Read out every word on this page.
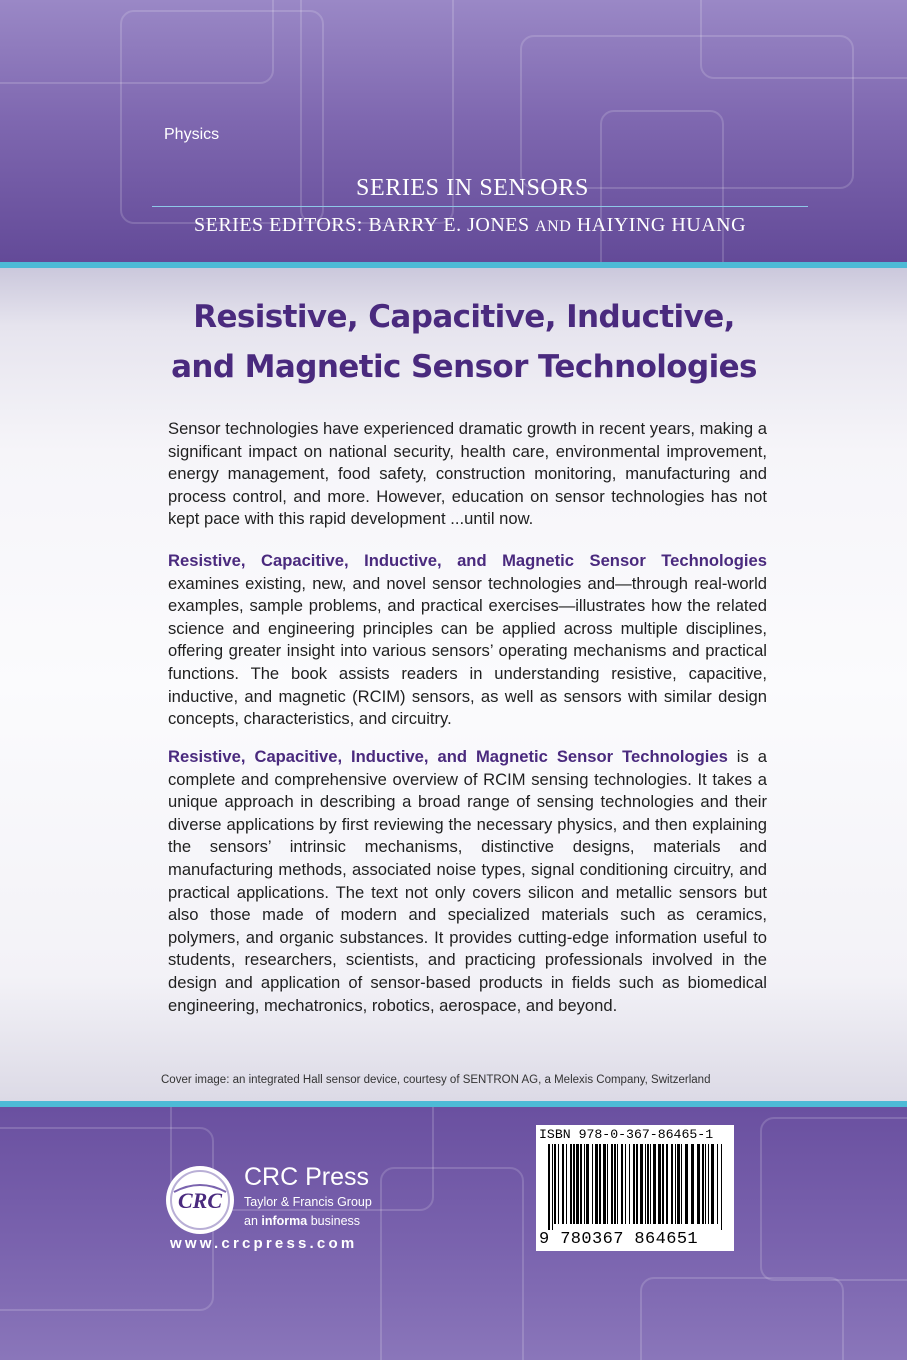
Physics
SERIES IN SENSORS
SERIES EDITORS: BARRY E. JONES AND HAIYING HUANG
Resistive, Capacitive, Inductive,
and Magnetic Sensor Technologies

Sensor technologies have experienced dramatic growth in recent years, making a significant impact on national security, health care, environmental improvement, energy management, food safety, construction monitoring, manufacturing and process control, and more. However, education on sensor technologies has not kept pace with this rapid development ...until now.

Resistive, Capacitive, Inductive, and Magnetic Sensor Technologies examines existing, new, and novel sensor technologies and—through real-world examples, sample problems, and practical exercises—illustrates how the related science and engineering principles can be applied across multiple disciplines, offering greater insight into various sensors’ operating mechanisms and practical functions. The book assists readers in understanding resistive, capacitive, inductive, and magnetic (RCIM) sensors, as well as sensors with similar design concepts, characteristics, and circuitry.

Resistive, Capacitive, Inductive, and Magnetic Sensor Technologies is a complete and comprehensive overview of RCIM sensing technologies. It takes a unique approach in describing a broad range of sensing technologies and their diverse applications by first reviewing the necessary physics, and then explaining the sensors’ intrinsic mechanisms, distinctive designs, materials and manufacturing methods, associated noise types, signal conditioning circuitry, and practical applications. The text not only covers silicon and metallic sensors but also those made of modern and specialized materials such as ceramics, polymers, and organic substances. It provides cutting-edge information useful to students, researchers, scientists, and practicing professionals involved in the design and application of sensor-based products in fields such as biomedical engineering, mechatronics, robotics, aerospace, and beyond.

Cover image: an integrated Hall sensor device, courtesy of SENTRON AG, a Melexis Company, Switzerland
CRC
CRC Press
Taylor & Francis Group
an informa business
www.crcpress.com
ISBN 978-0-367-86465-1
9 780367 864651
